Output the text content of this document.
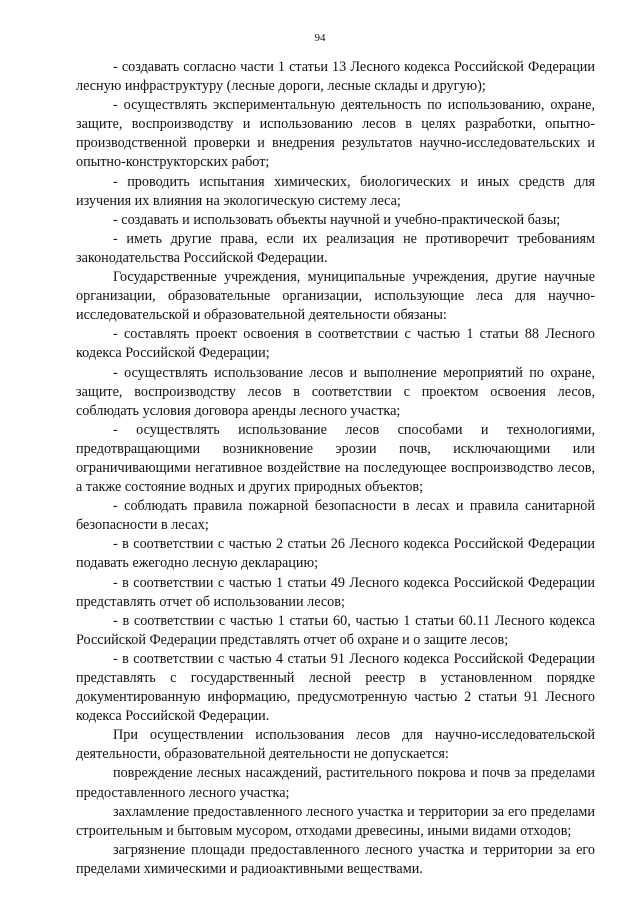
94

- создавать согласно части 1 статьи 13 Лесного кодекса Российской Федерации лесную инфраструктуру (лесные дороги, лесные склады и другую);

- осуществлять экспериментальную деятельность по использованию, охране, защите, воспроизводству и использованию лесов в целях разработки, опытно-производственной проверки и внедрения результатов научно-исследовательских и опытно-конструкторских работ;

- проводить испытания химических, биологических и иных средств для изучения их влияния на экологическую систему леса;

- создавать и использовать объекты научной и учебно-практической базы;

- иметь другие права, если их реализация не противоречит требованиям законодательства Российской Федерации.

Государственные учреждения, муниципальные учреждения, другие научные организации, образовательные организации, использующие леса для научно-исследовательской и образовательной деятельности обязаны:

- составлять проект освоения в соответствии с частью 1 статьи 88 Лесного кодекса Российской Федерации;

- осуществлять использование лесов и выполнение мероприятий по охране, защите, воспроизводству лесов в соответствии с проектом освоения лесов, соблюдать условия договора аренды лесного участка;

- осуществлять использование лесов способами и технологиями, предотвращающими возникновение эрозии почв, исключающими или ограничивающими негативное воздействие на последующее воспроизводство лесов, а также состояние водных и других природных объектов;

- соблюдать правила пожарной безопасности в лесах и правила санитарной безопасности в лесах;

- в соответствии с частью 2 статьи 26 Лесного кодекса Российской Федерации подавать ежегодно лесную декларацию;

- в соответствии с частью 1 статьи 49 Лесного кодекса Российской Федерации представлять отчет об использовании лесов;

- в соответствии с частью 1 статьи 60, частью 1 статьи 60.11 Лесного кодекса Российской Федерации представлять отчет об охране и о защите лесов;

- в соответствии с частью 4 статьи 91 Лесного кодекса Российской Федерации представлять с государственный лесной реестр в установленном порядке документированную информацию, предусмотренную частью 2 статьи 91 Лесного кодекса Российской Федерации.

При осуществлении использования лесов для научно-исследовательской деятельности, образовательной деятельности не допускается:

повреждение лесных насаждений, растительного покрова и почв за пределами предоставленного лесного участка;

захламление предоставленного лесного участка и территории за его пределами строительным и бытовым мусором, отходами древесины, иными видами отходов;

загрязнение площади предоставленного лесного участка и территории за его пределами химическими и радиоактивными веществами.
